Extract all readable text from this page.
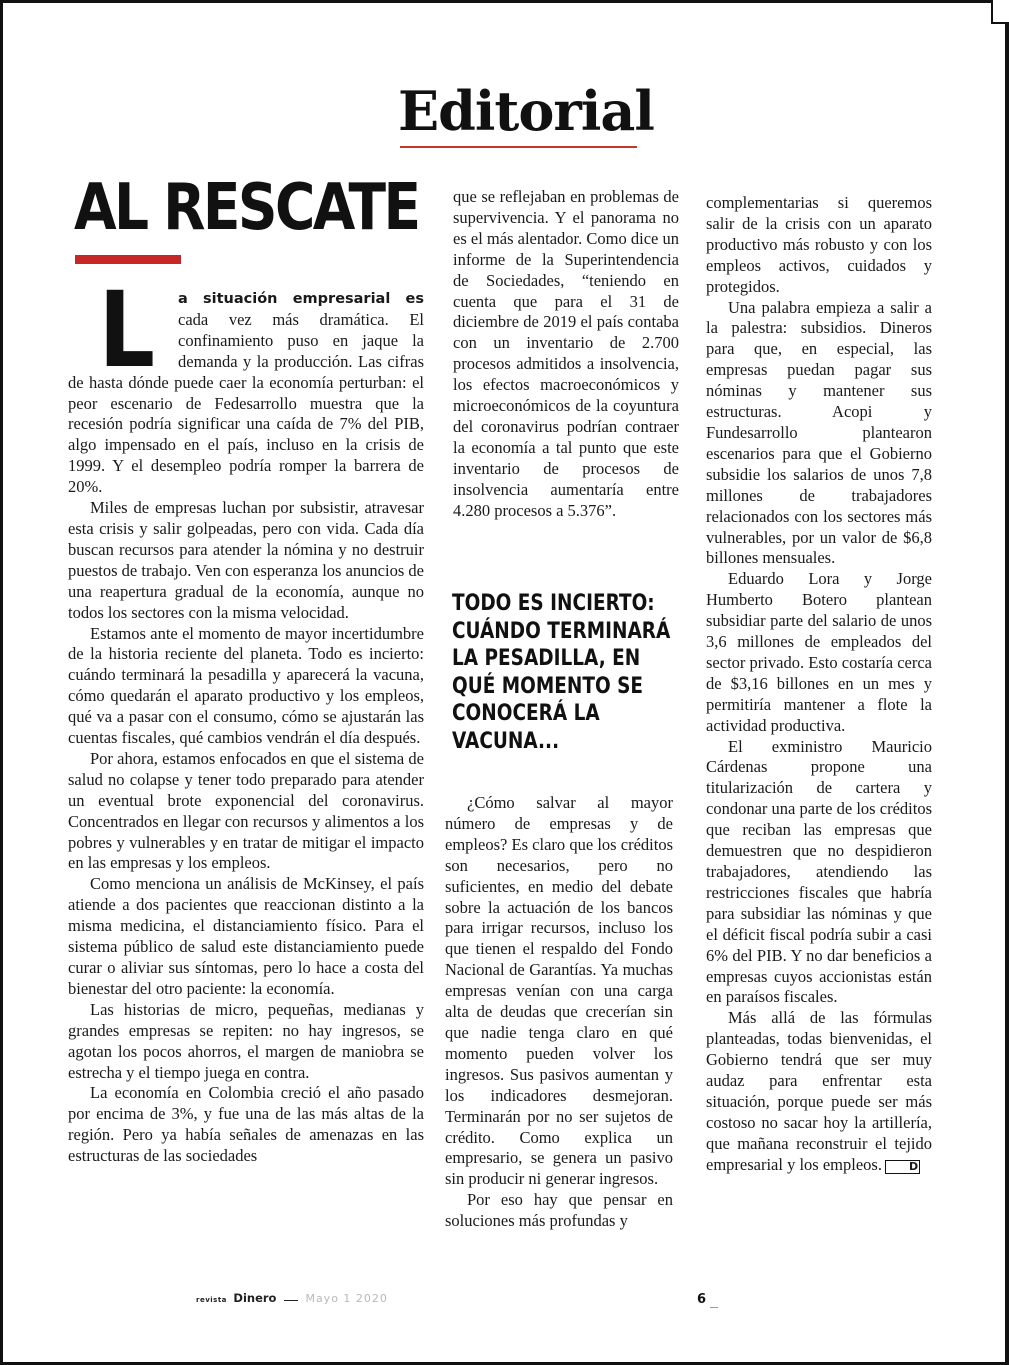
Editorial
AL RESCATE

L	a situación empresarial es cada vez más dramática. El confinamiento puso en jaque la demanda y la producción. Las cifras de hasta dónde puede caer la economía perturban: el peor escenario de Fedesarrollo muestra que la recesión podría significar una caída de 7% del PIB, algo impensado en el país, incluso en la crisis de 1999. Y el desempleo podría romper la barrera de 20%.

Miles de empresas luchan por subsistir, atravesar esta crisis y salir golpeadas, pero con vida. Cada día buscan recursos para atender la nómina y no destruir puestos de trabajo. Ven con esperanza los anuncios de una reapertura gradual de la economía, aunque no todos los sectores con la misma velocidad.

Estamos ante el momento de mayor incertidumbre de la historia reciente del planeta. Todo es incierto: cuándo terminará la pesadilla y aparecerá la vacuna, cómo quedarán el aparato productivo y los empleos, qué va a pasar con el consumo, cómo se ajustarán las cuentas fiscales, qué cambios vendrán el día después.

Por ahora, estamos enfocados en que el sistema de salud no colapse y tener todo preparado para atender un eventual brote exponencial del coronavirus. Concentrados en llegar con recursos y alimentos a los pobres y vulnerables y en tratar de mitigar el impacto en las empresas y los empleos.

Como menciona un análisis de McKinsey, el país atiende a dos pacientes que reaccionan distinto a la misma medicina, el distanciamiento físico. Para el sistema público de salud este distanciamiento puede curar o aliviar sus síntomas, pero lo hace a costa del bienestar del otro paciente: la economía.

Las historias de micro, pequeñas, medianas y grandes empresas se repiten: no hay ingresos, se agotan los pocos ahorros, el margen de maniobra se estrecha y el tiempo juega en contra.

La economía en Colombia creció el año pasado por encima de 3%, y fue una de las más altas de la región. Pero ya había señales de amenazas en las estructuras de las sociedades

que se reflejaban en problemas de supervivencia. Y el panorama no es el más alentador. Como dice un informe de la Superintendencia de Sociedades, “teniendo en cuenta que para el 31 de diciembre de 2019 el país contaba con un inventario de 2.700 procesos admitidos a insolvencia, los efectos macroeconómicos y microeconómicos de la coyuntura del coronavirus podrían contraer la economía a tal punto que este inventario de procesos de insolvencia aumentaría entre 4.280 procesos a 5.376”.

TODO ES INCIERTO: CUÁNDO TERMINARÁ LA PESADILLA, EN QUÉ MOMENTO SE CONOCERÁ LA VACUNA...

¿Cómo salvar al mayor número de empresas y de empleos? Es claro que los créditos son necesarios, pero no suficientes, en medio del debate sobre la actuación de los bancos para irrigar recursos, incluso los que tienen el respaldo del Fondo Nacional de Garantías. Ya muchas empresas venían con una carga alta de deudas que crecerían sin que nadie tenga claro en qué momento pueden volver los ingresos. Sus pasivos aumentan y los indicadores desmejoran. Terminarán por no ser sujetos de crédito. Como explica un empresario, se genera un pasivo sin producir ni generar ingresos.

Por eso hay que pensar en soluciones más profundas y

complementarias si queremos salir de la crisis con un aparato productivo más robusto y con los empleos activos, cuidados y protegidos.

Una palabra empieza a salir a la palestra: subsidios. Dineros para que, en especial, las empresas puedan pagar sus nóminas y mantener sus estructuras. Acopi y Fundesarrollo plantearon escenarios para que el Gobierno subsidie los salarios de unos 7,8 millones de trabajadores relacionados con los sectores más vulnerables, por un valor de $6,8 billones mensuales.

Eduardo Lora y Jorge Humberto Botero plantean subsidiar parte del salario de unos 3,6 millones de empleados del sector privado. Esto costaría cerca de $3,16 billones en un mes y permitiría mantener a flote la actividad productiva.

El exministro Mauricio Cárdenas propone una titularización de cartera y condonar una parte de los créditos que reciban las empresas que demuestren que no despidieron trabajadores, atendiendo las restricciones fiscales que habría para subsidiar las nóminas y que el déficit fiscal podría subir a casi 6% del PIB. Y no dar beneficios a empresas cuyos accionistas están en paraísos fiscales.

Más allá de las fórmulas planteadas, todas bienvenidas, el Gobierno tendrá que ser muy audaz para enfrentar esta situación, porque puede ser más costoso no sacar hoy la artillería, que mañana reconstruir el tejido empresarial y los empleos. D

revista Dinero	Mayo 1 2020	6
